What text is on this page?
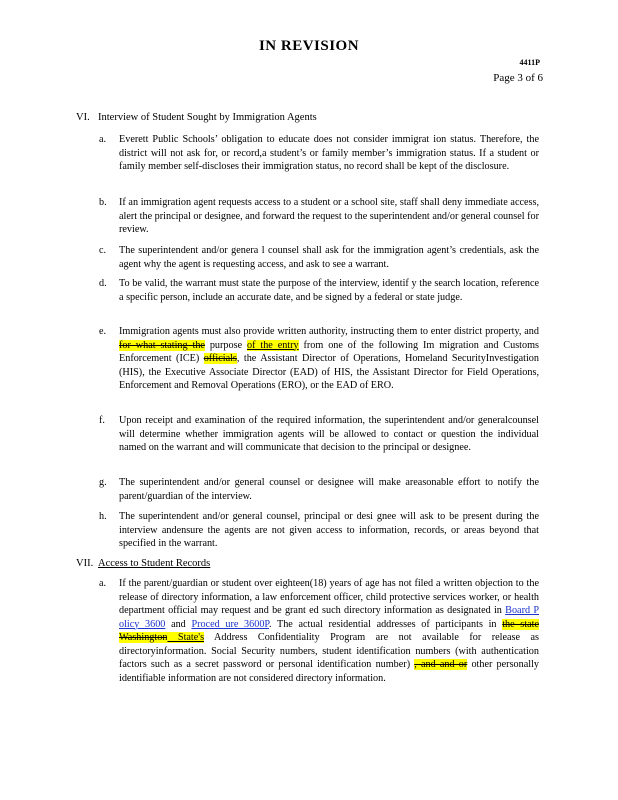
IN REVISION
4411P
Page 3 of 6
VI. Interview of Student Sought by Immigration Agents
a.	Everett Public Schools’ obligation to educate does not consider immigrat ion status. Therefore, the district will not ask for, or record,a student’s or family member’s immigration status. If a student or family member self-discloses their immigration status, no record shall be kept of the disclosure.
b.	If an immigration agent requests access to a student or a school site, staff shall deny immediate access, alert the principal or designee, and forward the request to the superintendent and/or general counsel for review.
c.	The superintendent and/or genera l counsel shall ask for the immigration agent’s credentials, ask the agent why the agent is requesting access, and ask to see a warrant.
d.	To be valid, the warrant must state the purpose of the interview, identif y the search location, reference a specific person, include an accurate date, and be signed by a federal or state judge.
e.	Immigration agents must also provide written authority, instructing them to enter district property, and for what stating the purpose of the entry from one of the following Im migration and Customs Enforcement (ICE) officials, the Assistant Director of Operations, Homeland SecurityInvestigation (HIS), the Executive Associate Director (EAD) of HIS, the Assistant Director for Field Operations, Enforcement and Removal Operations (ERO), or the EAD of ERO.
f.	Upon receipt and examination of the required information, the superintendent and/or generalcounsel will determine whether immigration agents will be allowed to contact or question the individual named on the warrant and will communicate that decision to the principal or designee.
g.	The superintendent and/or general counsel or designee will make areasonable effort to notify the parent/guardian of the interview.
h.	The superintendent and/or general counsel, principal or desi gnee will ask to be present during the interview andensure the agents are not given access to information, records, or areas beyond that specified in the warrant.
VII. Access to Student Records
a.	If the parent/guardian or student over eighteen(18) years of age has not filed a written objection to the release of directory information, a law enforcement officer, child protective services worker, or health department official may request and be grant ed such directory information as designated in Board P olicy 3600 and Proced ure 3600P. The actual residential addresses of participants in the state Washington State's Address Confidentiality Program are not available for release as directoryinformation. Social Security numbers, student identification numbers (with authentication factors such as a secret password or personal identification number) , and and or other personally identifiable information are not considered directory information.
